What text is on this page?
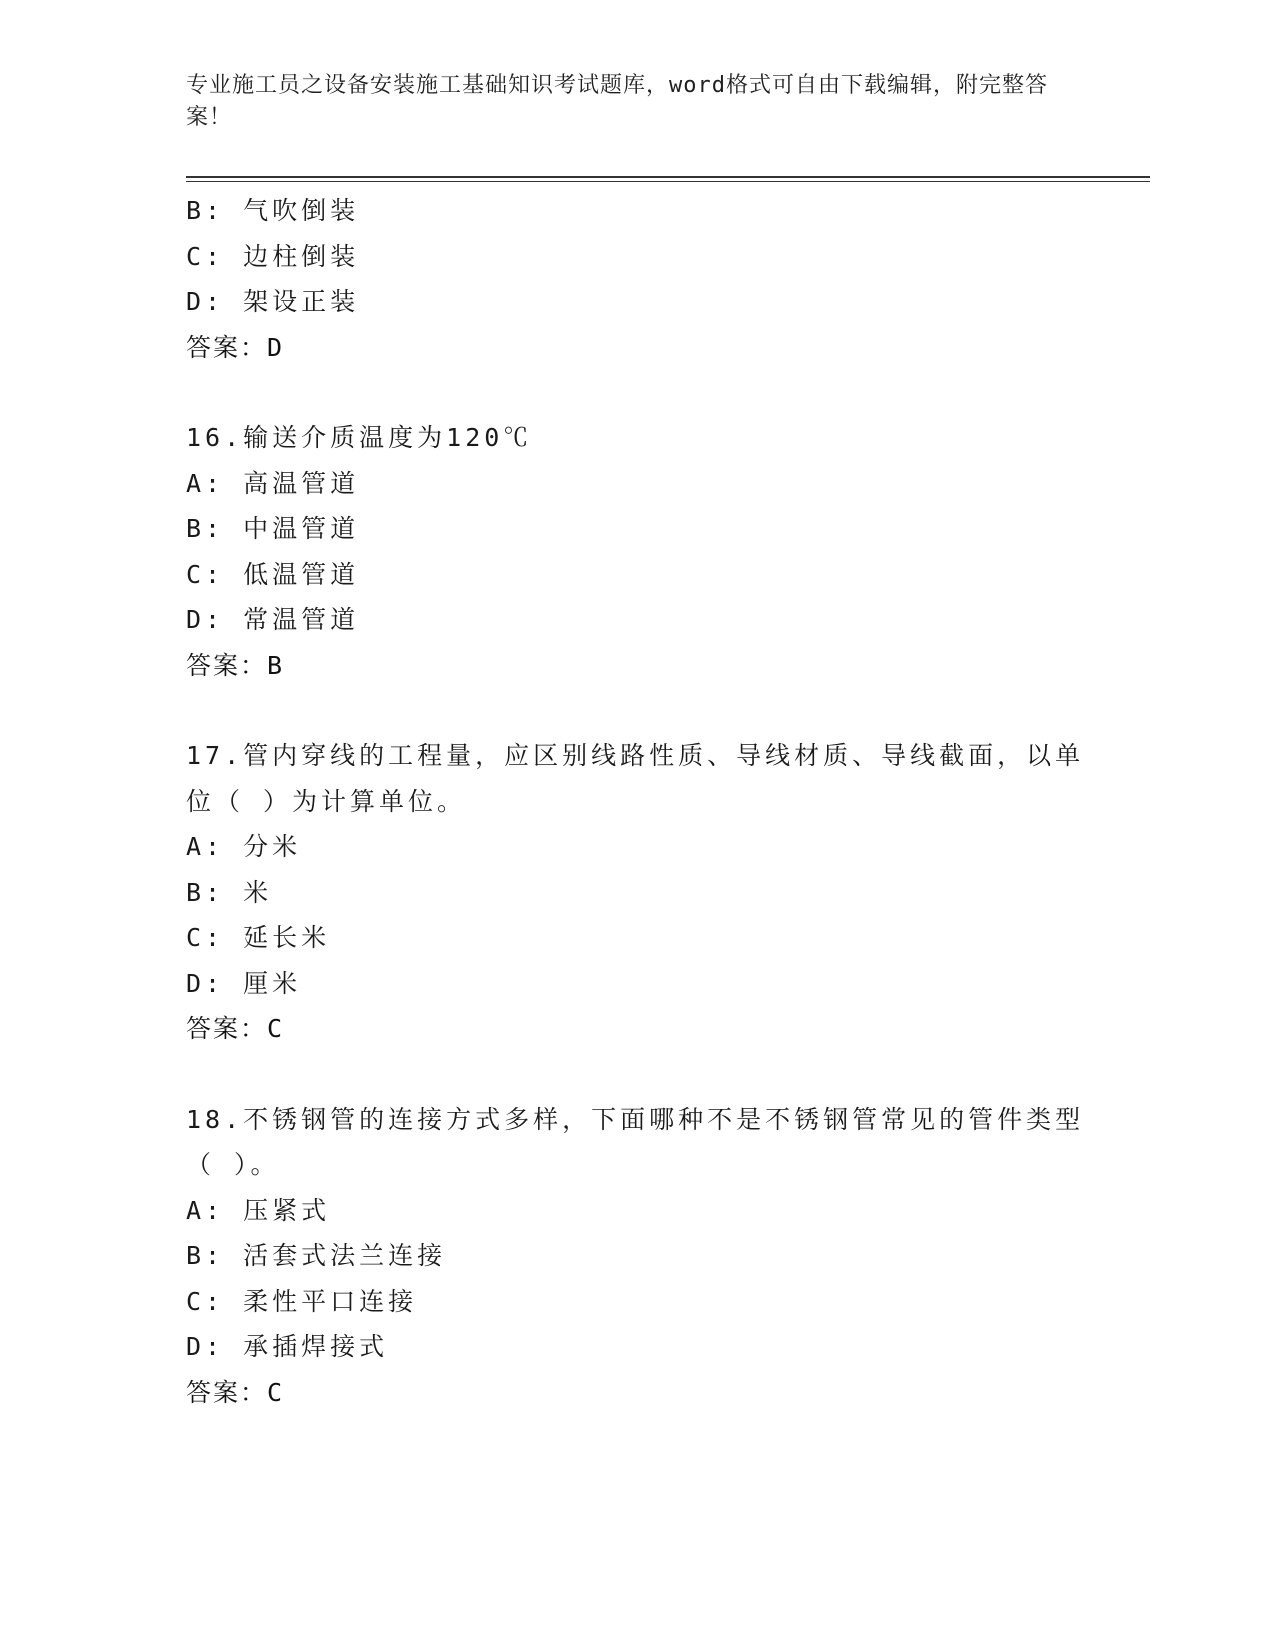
专业施工员之设备安装施工基础知识考试题库，word格式可自由下载编辑，附完整答案！
B: 气吹倒装
C: 边柱倒装
D: 架设正装
答案：D
16.输送介质温度为120℃
A: 高温管道
B: 中温管道
C: 低温管道
D: 常温管道
答案：B
17.管内穿线的工程量，应区别线路性质、导线材质、导线截面，以单位（ ）为计算单位。
A: 分米
B: 米
C: 延长米
D: 厘米
答案：C
18.不锈钢管的连接方式多样，下面哪种不是不锈钢管常见的管件类型（ ）。
A: 压紧式
B: 活套式法兰连接
C: 柔性平口连接
D: 承插焊接式
答案：C
